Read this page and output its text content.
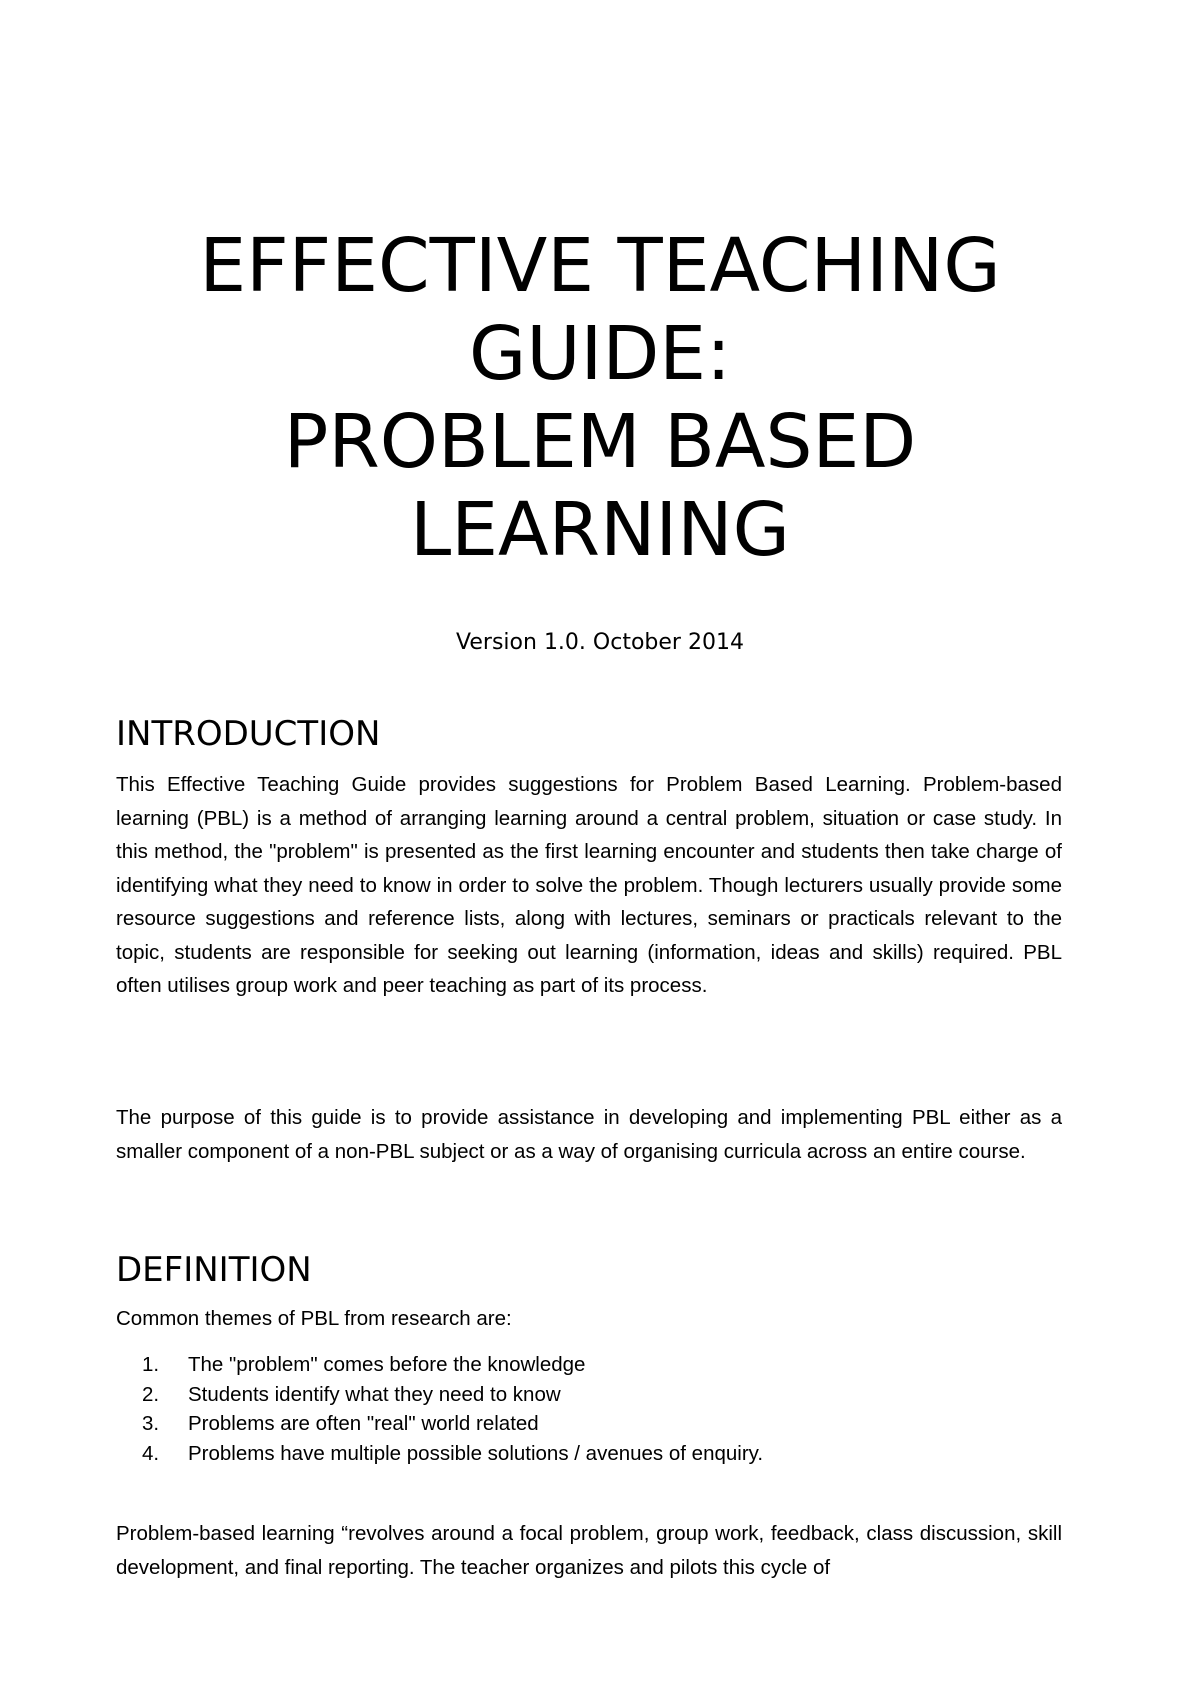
EFFECTIVE TEACHING
GUIDE:
PROBLEM BASED
LEARNING
Version 1.0. October 2014
INTRODUCTION

This Effective Teaching Guide provides suggestions for Problem Based Learning. Problem-based learning (PBL) is a method of arranging learning around a central problem, situation or case study. In this method, the "problem" is presented as the first learning encounter and students then take charge of identifying what they need to know in order to solve the problem. Though lecturers usually provide some resource suggestions and reference lists, along with lectures, seminars or practicals relevant to the topic, students are responsible for seeking out learning (information, ideas and skills) required. PBL often utilises group work and peer teaching as part of its process.

The purpose of this guide is to provide assistance in developing and implementing PBL either as a smaller component of a non-PBL subject or as a way of organising curricula across an entire course.

DEFINITION

Common themes of PBL from research are:

1. The "problem" comes before the knowledge
2. Students identify what they need to know
3. Problems are often "real" world related
4. Problems have multiple possible solutions / avenues of enquiry.

Problem-based learning “revolves around a focal problem, group work, feedback, class discussion, skill development, and final reporting. The teacher organizes and pilots this cycle of
